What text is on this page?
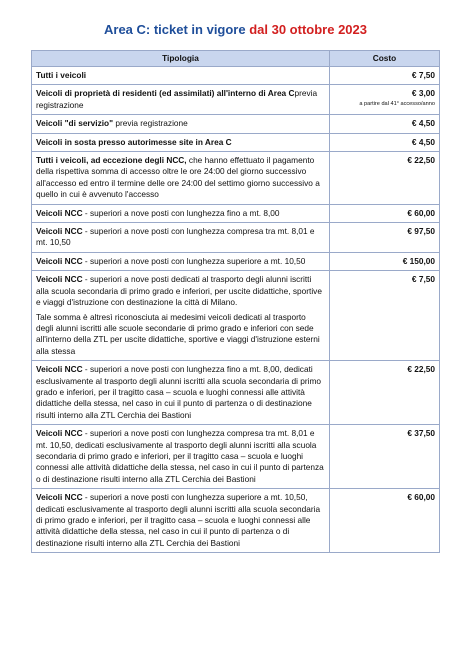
Area C: ticket in vigore dal 30 ottobre 2023
Tipologia	Costo

Tutti i veicoli	€ 7,50

Veicoli di proprietà di residenti (ed assimilati) all'interno di Area Cprevia registrazione	€ 3,00
a partire dal 41° accesso/anno

Veicoli "di servizio" previa registrazione	€ 4,50

Veicoli in sosta presso autorimesse site in Area C	€ 4,50

Tutti i veicoli, ad eccezione degli NCC, che hanno effettuato il pagamento della rispettiva somma di accesso oltre le ore 24:00 del giorno successivo all'accesso ed entro il termine delle ore 24:00 del settimo giorno successivo a quello in cui è avvenuto l'accesso	€ 22,50

Veicoli NCC - superiori a nove posti con lunghezza fino a mt. 8,00	€ 60,00

Veicoli NCC - superiori a nove posti con lunghezza compresa tra mt. 8,01 e mt. 10,50	€ 97,50

Veicoli NCC - superiori a nove posti con lunghezza superiore a mt. 10,50	€ 150,00

Veicoli NCC - superiori a nove posti dedicati al trasporto degli alunni iscritti alla scuola secondaria di primo grado e inferiori, per uscite didattiche, sportive e viaggi d'istruzione con destinazione la città di Milano.

Tale somma è altresì riconosciuta ai medesimi veicoli dedicati al trasporto degli alunni iscritti alle scuole secondarie di primo grado e inferiori con sede all'interno della ZTL per uscite didattiche, sportive e viaggi d'istruzione esterni alla stessa	€ 7,50

Veicoli NCC - superiori a nove posti con lunghezza fino a mt. 8,00, dedicati esclusivamente al trasporto degli alunni iscritti alla scuola secondaria di primo grado e inferiori, per il tragitto casa – scuola e luoghi connessi alle attività didattiche della stessa, nel caso in cui il punto di partenza o di destinazione risulti interno alla ZTL Cerchia dei Bastioni	€ 22,50

Veicoli NCC - superiori a nove posti con lunghezza compresa tra mt. 8,01 e mt. 10,50, dedicati esclusivamente al trasporto degli alunni iscritti alla scuola secondaria di primo grado e inferiori, per il tragitto casa – scuola e luoghi connessi alle attività didattiche della stessa, nel caso in cui il punto di partenza o di destinazione risulti interno alla ZTL Cerchia dei Bastioni	€ 37,50

Veicoli NCC - superiori a nove posti con lunghezza superiore a mt. 10,50, dedicati esclusivamente al trasporto degli alunni iscritti alla scuola secondaria di primo grado e inferiori, per il tragitto casa – scuola e luoghi connessi alle attività didattiche della stessa, nel caso in cui il punto di partenza o di destinazione risulti interno alla ZTL Cerchia dei Bastioni	€ 60,00
